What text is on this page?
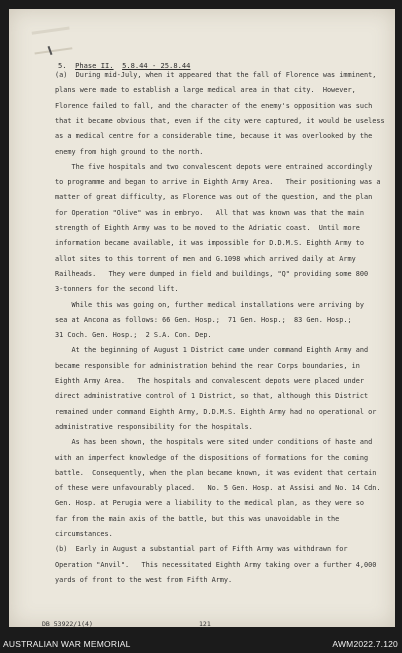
5. Phase II. 5.8.44 - 25.8.44
(a)  During mid-July, when it appeared that the fall of Florence was imminent,
plans were made to establish a large medical area in that city.  However,
Florence failed to fall, and the character of the enemy's opposition was such
that it became obvious that, even if the city were captured, it would be useless
as a medical centre for a considerable time, because it was overlooked by the
enemy from high ground to the north.
The five hospitals and two convalescent depots were entrained accordingly
to programme and began to arrive in Eighth Army Area.   Their positioning was a
matter of great difficulty, as Florence was out of the question, and the plan
for Operation "Olive" was in embryo.   All that was known was that the main
strength of Eighth Army was to be moved to the Adriatic coast.  Until more
information became available, it was impossible for D.D.M.S. Eighth Army to
allot sites to this torrent of men and G.1098 which arrived daily at Army
Railheads.   They were dumped in field and buildings, "Q" providing some 800
3-tonners for the second lift.
While this was going on, further medical installations were arriving by
sea at Ancona as follows: 66 Gen. Hosp.;  71 Gen. Hosp.;  83 Gen. Hosp.;
31 Coch. Gen. Hosp.;  2 S.A. Con. Dep.
At the beginning of August 1 District came under command Eighth Army and
became responsible for administration behind the rear Corps boundaries, in
Eighth Army Area.   The hospitals and convalescent depots were placed under
direct administrative control of 1 District, so that, although this District
remained under command Eighth Army, D.D.M.S. Eighth Army had no operational or
administrative responsibility for the hospitals.
As has been shown, the hospitals were sited under conditions of haste and
with an imperfect knowledge of the dispositions of formations for the coming
battle.  Consequently, when the plan became known, it was evident that certain
of these were unfavourably placed.   No. 5 Gen. Hosp. at Assisi and No. 14 Cdn.
Gen. Hosp. at Perugia were a liability to the medical plan, as they were so
far from the main axis of the battle, but this was unavoidable in the
circumstances.
(b)  Early in August a substantial part of Fifth Army was withdrawn for
Operation "Anvil".   This necessitated Eighth Army taking over a further 4,000
yards of front to the west from Fifth Army.
DB 53922/1(4)	121
AUSTRALIAN WAR MEMORIAL	AWM2022.7.120
